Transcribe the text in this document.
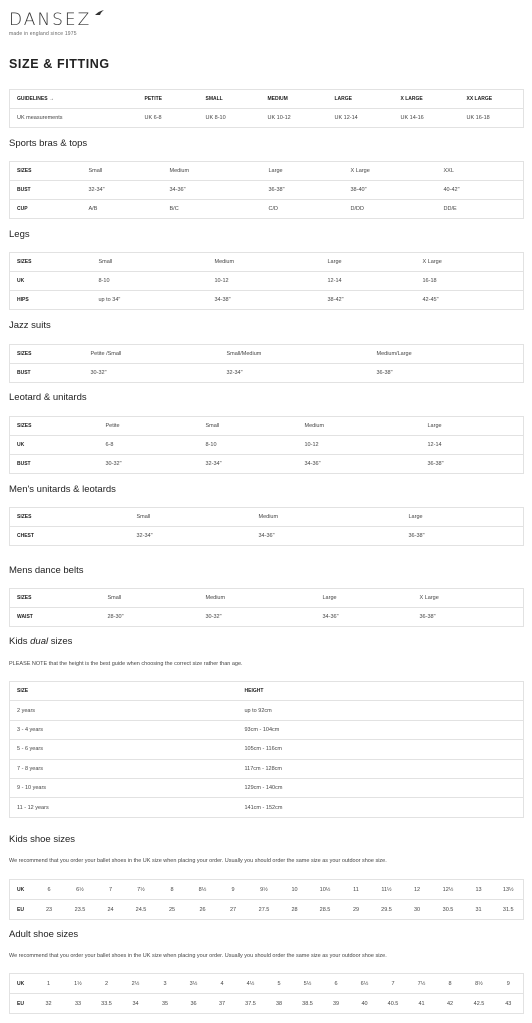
DANSEZ
made in england since 1975
SIZE & FITTING
GUIDELINES →	PETITE	SMALL	MEDIUM	LARGE	X LARGE	XX LARGE
UK measurements	UK 6-8	UK 8-10	UK 10-12	UK 12-14	UK 14-16	UK 16-18
Sports bras & tops
SIZES	Small	Medium	Large	X Large	XXL
BUST	32-34"	34-36"	36-38"	38-40"	40-42"
CUP	A/B	B/C	C/D	D/DD	DD/E
Legs
SIZES	Small	Medium	Large	X Large
UK	8-10	10-12	12-14	16-18
HIPS	up to 34"	34-38"	38-42"	42-45"
Jazz suits
SIZES	Petite /Small	Small/Medium	Medium/Large
BUST	30-32"	32-34"	36-38"
Leotard & unitards
SIZES	Petite	Small	Medium	Large
UK	6-8	8-10	10-12	12-14
BUST	30-32"	32-34"	34-36"	36-38"
Men's unitards & leotards
SIZES	Small	Medium	Large
CHEST	32-34"	34-36"	36-38"
Mens dance belts
SIZES	Small	Medium	Large	X Large
WAIST	28-30"	30-32"	34-36"	36-38"
Kids dual sizes
PLEASE NOTE that the height is the best guide when choosing the correct size rather than age.
SIZE	HEIGHT
2 years	up to 92cm
3 - 4 years	93cm - 104cm
5 - 6 years	105cm - 116cm
7 - 8 years	117cm - 128cm
9 - 10 years	129cm - 140cm
11 - 12 years	141cm - 152cm
Kids shoe sizes
We recommend that you order your ballet shoes in the UK size when placing your order. Usually you should order the same size as your outdoor shoe size.
UK	6	6½	7	7½	8	8½	9	9½	10	10½	11	11½	12	12½	13	13½
EU	23	23.5	24	24.5	25	26	27	27.5	28	28.5	29	29.5	30	30.5	31	31.5
Adult shoe sizes
We recommend that you order your ballet shoes in the UK size when placing your order. Usually you should order the same size as your outdoor shoe size.
UK	1	1½	2	2½	3	3½	4	4½	5	5½	6	6½	7	7½	8	8½	9
EU	32	33	33.5	34	35	36	37	37.5	38	38.5	39	40	40.5	41	42	42.5	43
